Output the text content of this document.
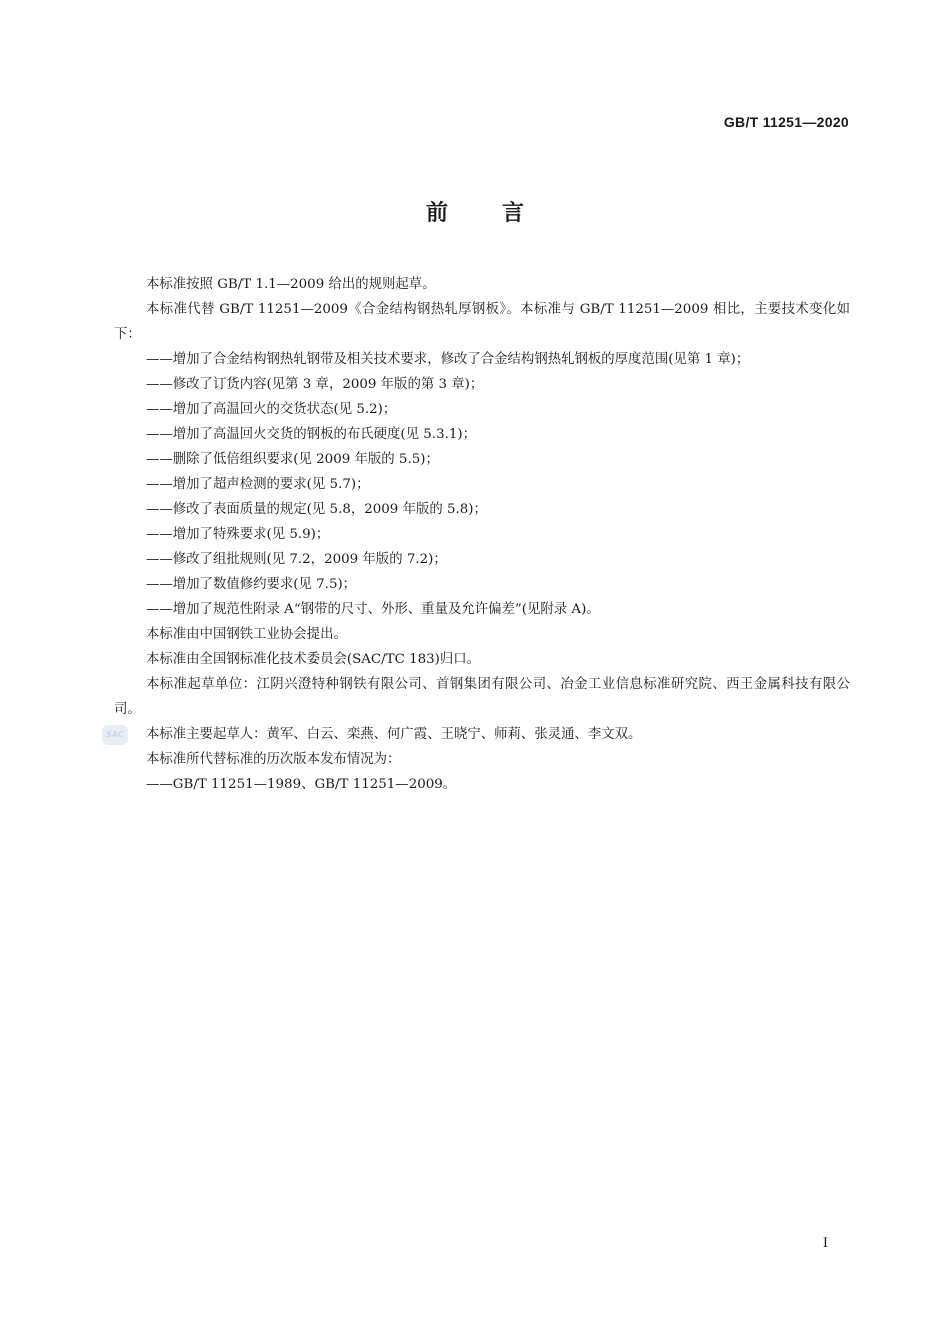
GB/T 11251—2020
前言

本标准按照 GB/T 1.1—2009 给出的规则起草。

本标准代替 GB/T 11251—2009《合金结构钢热轧厚钢板》。本标准与 GB/T 11251—2009 相比，主要技术变化如下：

——增加了合金结构钢热轧钢带及相关技术要求，修改了合金结构钢热轧钢板的厚度范围(见第 1 章)；

——修改了订货内容(见第 3 章，2009 年版的第 3 章)；

——增加了高温回火的交货状态(见 5.2)；

——增加了高温回火交货的钢板的布氏硬度(见 5.3.1)；

——删除了低倍组织要求(见 2009 年版的 5.5)；

——增加了超声检测的要求(见 5.7)；

——修改了表面质量的规定(见 5.8，2009 年版的 5.8)；

——增加了特殊要求(见 5.9)；

——修改了组批规则(见 7.2，2009 年版的 7.2)；

——增加了数值修约要求(见 7.5)；

——增加了规范性附录 A“钢带的尺寸、外形、重量及允许偏差”(见附录 A)。

本标准由中国钢铁工业协会提出。

本标准由全国钢标准化技术委员会(SAC/TC 183)归口。

本标准起草单位：江阴兴澄特种钢铁有限公司、首钢集团有限公司、冶金工业信息标准研究院、西王金属科技有限公司。

本标准主要起草人：黄军、白云、栾燕、何广霞、王晓宁、师莉、张灵通、李文双。

本标准所代替标准的历次版本发布情况为：

——GB/T 11251—1989、GB/T 11251—2009。

SAC
I
